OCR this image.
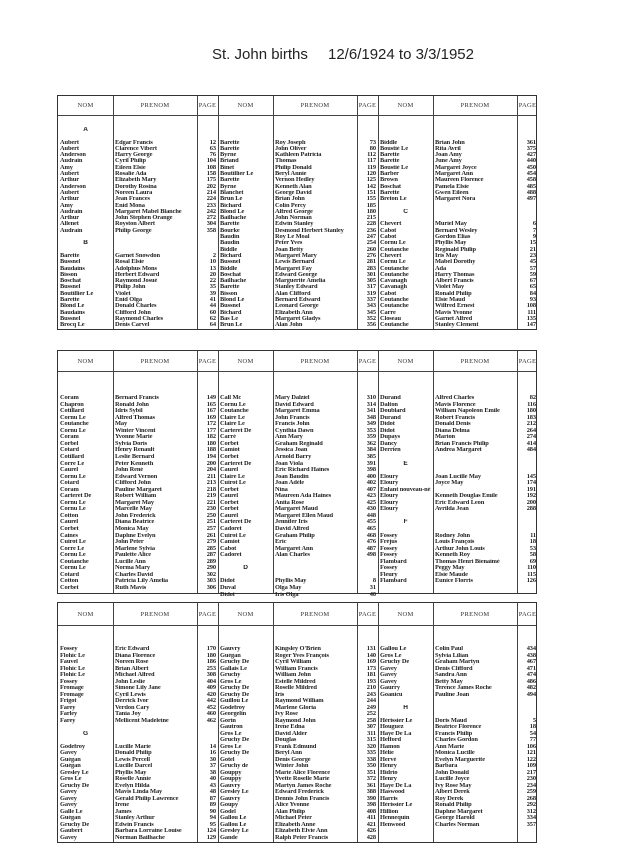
St. John births 12/6/1924 to 3/3/1952
NOM	PRENOM	PAGE	NOM	PRENOM	PAGE	NOM	PRENOM	PAGE
A
Aubert	Edgar Francis	12
Aubert	Clarence Vibert	63
Anderson	Harry George	76
Audrain	Cyril Philip	104
Amy	Eileen Elsie	108
Aubert	Rosalie Ada	158
Arthur	Elizabeth Mary	175
Anderson	Dorothy Rosina	202
Aubert	Noreen Laura	214
Arthur	Jean Frances	224
Amy	Enid Mona	233
Audrain	Margaret Mabel Blanche	242
Arthur	John Stephen Orange	272
Allenet	Royston Albert	304
Audrain	Philip George	358
B
Barette	Garnet Snowdon	2
Bussnel	Rosal Elsie	10
Baudains	Adolphus Mons	13
Bisson	Herbert Edward	20
Boschat	Raymond Josué	22
Bussnel	Philip John	35
Boutillier Le	Violet	39
Barette	Enid Olga	41
Blond Le	Donald Charles	44
Baudains	Clifford John	60
Bussnel	Raymond Charles	62
Brocq Le	Denis Carvel	64
Barette	Roy Joseph	73
Barette	John Oliver	80
Byrne	Kathleen Patricia	112
Briand	Thomas	117
Binet	Philip Donald	119
Boutillier Le	Beryl Annie	120
Barette	Vernon Hedley	125
Byrne	Kenneth Alan	142
Blanchet	George David	151
Brun Le	Brian John	155
Bichard	Colin Percy	185
Blond Le	Alfred George	180
Bailhache	John Norman	215
Barette	Edwin Stanley	228
Bourke	Desmond Herbert Stanley	236
Baudin	Roy Le Moal	247
Baudin	Peter Yves	254
Biddle	Joan Betty	260
Bichard	Margaret Mary	276
Bussnel	Lewis Bernard	281
Biddle	Margaret Fay	283
Boschat	Edward George	301
Bailhache	Marguerite Amelia	305
Barette	Stanley Edward	317
Bisson	Alan Clifford	319
Blond Le	Bernard Edward	337
Bussnel	Leonard George	343
Bichard	Elizabeth Ann	345
Bas Le	Margaret Gladys	352
Brun Le	Alan John	356
Biddle	Brian John	361
Boustié Le	Rita Avril	375
Barette	Joan Amy	427
Barette	June Amy	440
Boustié Le	Margaret Joyce	450
Barber	Margaret Ann	454
Brown	Maureen Florence	458
Boschat	Pamela Elsie	485
Barette	Gwen Eileen	488
Breton Le	Margaret Nora	497
C
Chevert	Muriel May	6
Cabot	Bernard Wesley	7
Cabot	Gordon Elias	9
Cornu Le	Phyllis May	15
Coutanche	Reginald Philip	21
Chevert	Iris May	23
Cornu Le	Mabel Dorothy	45
Coutanche	Ada	57
Coutanche	Harry Thomas	59
Cavanagh	Albert Francis	67
Cavanagh	Violet May	65
Cabot	Ronald Philip	84
Coutanche	Elsie Maud	93
Coutanche	Wilfred Ernest	108
Carre	Mavis Yvonne	111
Closeau	Garnet Alfred	135
Coutanche	Stanley Clement	147
NOM	PRENOM	PAGE	NOM	PRENOM	PAGE	NOM	PRENOM	PAGE
Coram	Bernard Francis	149
Chapron	Ronald John	165
Cotillard	Idris Sybil	167
Cornu Le	Alfred Thomas	169
Coutanche	May	172
Cornu Le	Winter Vincent	177
Coram	Yvonne Marie	182
Corbel	Sylvia Doris	180
Cotard	Henry Renault	188
Cotillard	Leslie Bernard	194
Corre Le	Peter Kenneth	200
Caurel	John René	204
Cornu Le	Edward Vernon	211
Cotard	Clifford John	213
Coram	Pauline Margaret	218
Carteret De	Robert William	219
Cornu Le	Margaret May	221
Cornu Le	Marcelle May	230
Cotton	John Frederick	250
Caurel	Diana Beatrice	251
Corbet	Monica May	257
Caines	Daphne Evelyn	261
Cuirot Le	John Peter	279
Corre Le	Marlene Sylvia	285
Cornu Le	Paulette Alice	287
Coutanche	Lucille Ann	289
Cornu Le	Norma Mary	290
Cotard	Charles David	302
Cotton	Patricia Lily Amelia	303
Corbet	Ruth Mavis	306
Call Mc	Mary Dalziel	310
Cornu Le	David Edward	314
Coutanche	Margaret Emma	341
Claire Le	John Francis	348
Claire Le	Francis John	349
Carteret De	Cynthia Dawn	353
Carré	Ann Mary	359
Corbet	Graham Reginald	362
Camiot	Jessica Joan	384
Corbet	Arnold Barry	385
Carteret De	Joan Viola	391
Caurel	Eric Richard Haines	398
Claire Le	Joan Baudin	400
Cuirot Le	Joan Adèle	402
Corbet	Nina	407
Caurel	Maureen Ada Haines	423
Corbet	Anita Rose	425
Corbet	Margaret Maud	430
Caurel	Margaret Ellen Maud	448
Carteret De	Jennifer Iris	455
Cadoret	David Alfred	465
Cuirot Le	Graham Philip	468
Camiot	Eric	476
Cabot	Margaret Ann	487
Cadoret	Alan Charles	498
D
Didot	Phyllis May	8
Duval	Olga May	31
Didot	Iris Olga	40
Durand	Alfred Charles	82
Dalton	Mavis Florence	116
Doublard	William Napoleon Emile	180
Durand	Robert Francis	183
Didot	Donald Denis	212
Didot	Diana Delma	264
Dupays	Marion	274
Dancy	Brian Francis Philip	414
Derrien	Andrea Margaret	484
E
Eloury	Joan Lucille May	145
Eloury	Joyce May	174
Enfant nouveau-né	191
Eloury	Kenneth Douglas Emile	192
Eloury	Eric Edward Leon	200
Eloury	Avrilda Jean	288
F
Fossey	Rodney John	11
Fréjus	Louis François	18
Fossey	Arthur John Louis	53
Fossey	Kenneth Roy	58
Flambard	Thomas Henri Bienaimé	69
Fossey	Peggy May	110
Fleury	Elsie Maude	115
Flambard	Eunice Florris	126
NOM	PRENOM	PAGE	NOM	PRENOM	PAGE	NOM	PRENOM	PAGE
Fossey	Eric Edward	170
Flohic Le	Diana Florence	180
Fauvel	Noreen Rose	186
Flohic Le	Brian Albert	253
Flohic Le	Michael Alfred	308
Fossey	John Leslie	404
Fromage	Simone Lily Jane	409
Fromage	Cyril Lewis	420
Frigot	Derrick Ivor	442
Farey	Verdon Cary	452
Farley	Tania Joy	460
Farey	Mellicent Madeleine	462
G
Godefroy	Lucille Marie	14
Gavey	Donald Philip	16
Guégan	Lewis Percell	30
Guégan	Lucille Darcel	37
Gresley Le	Phyllis May	38
Gros Le	Roselle Annie	40
Gruchy De	Evelyn Hilda	43
Gavey	Mavis Linda May	48
Gavey	Gerald Philip Lawrence	87
Gavey	Irene	89
Galle Le	James	90
Guégan	Stanley Arthur	94
Gruchy De	Edwin Francis	95
Gaubert	Barbara Lorraine Louise	124
Gavey	Norman Bailhache	129
Gauvry	Kingsley O'Brien	131
Guégan	Roger Yves François	140
Gruchy De	Cyril William	169
Gallais Le	William Francis	173
Gruchy	William John	181
Gros Le	Estelle Mildred	193
Gruchy De	Roselle Mildred	210
Gruchy De	Iris	243
Guillou Le	Raymond William	244
Godefroy	Marlene Gloria	249
Georgelin	Ivy Rose	252
Gorin	Raymond John	258
Gautron	Irene Edna	307
Gros Le	David Alder	311
Gruchy De	Douglas	315
Gros Le	Frank Edmund	320
Gruchy De	Beryl Ann	335
Gotel	Denis George	338
Gruchy de	Winter John	350
Gouppy	Marie Alice Florence	351
Gouppy	Yvette Roselle Marie	372
Gauvry	Martyn James Roche	361
Gresley Le	Edward Frederick	388
Gauvry	Dennis John Francis	390
Goupy	Alice Yvonne	398
Godel	Alan Philip	408
Gallou Le	Michael Peter	411
Gallou Le	Elizabeth Anne	421
Gresley Le	Elizabeth Elvie Ann	426
Gande	Ralph Peter Francis	428
Gallou Le	Colin Paul	434
Gros Le	Sylvia Lilian	438
Gruchy De	Graham Martyn	467
Gavey	Denis Clifford	471
Gavey	Sandra Ann	474
Gavey	Betty May	486
Gaurry	Terence James Roche	482
Goanicu	Pauline Joan	494
H
Hérissier Le	Doris Maud	5
Houguez	Beatrice Florence	18
Haye De La	Francis Philip	54
Hefford	Charles Gordon	77
Hamon	Ann Marie	106
Hélie	Monica Lucille	121
Hervé	Evelyn Marguerite	122
Henry	Barbara	109
Hidrio	John Donald	217
Henry	Lucille Joyce	230
Haye De La	Ivy Rose May	234
Haswood	Albert Derek	259
Harris	Roy Derek	268
Hérissier Le	Ronald Philip	292
Hillion	Daphne Margaret	312
Hennequin	George Harold	334
Henwood	Charles Norman	357
